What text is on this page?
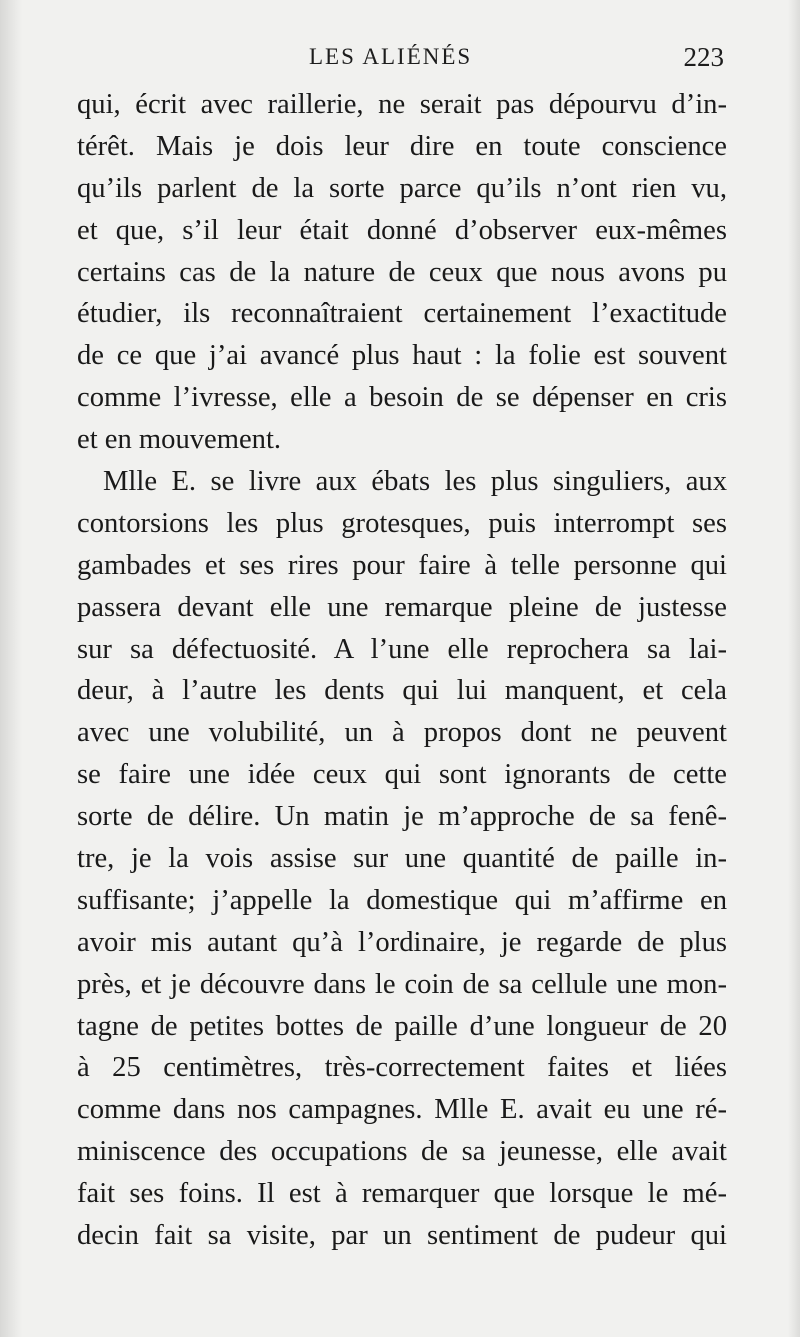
LES ALIÉNÉS	223
qui, écrit avec raillerie, ne serait pas dépourvu d’in-
térêt. Mais je dois leur dire en toute conscience
qu’ils parlent de la sorte parce qu’ils n’ont rien vu,
et que, s’il leur était donné d’observer eux-mêmes
certains cas de la nature de ceux que nous avons pu
étudier, ils reconnaîtraient certainement l’exactitude
de ce que j’ai avancé plus haut : la folie est souvent
comme l’ivresse, elle a besoin de se dépenser en cris
et en mouvement.
Mlle E. se livre aux ébats les plus singuliers, aux
contorsions les plus grotesques, puis interrompt ses
gambades et ses rires pour faire à telle personne qui
passera devant elle une remarque pleine de justesse
sur sa défectuosité. A l’une elle reprochera sa lai-
deur, à l’autre les dents qui lui manquent, et cela
avec une volubilité, un à propos dont ne peuvent
se faire une idée ceux qui sont ignorants de cette
sorte de délire. Un matin je m’approche de sa fenê-
tre, je la vois assise sur une quantité de paille in-
suffisante; j’appelle la domestique qui m’affirme en
avoir mis autant qu’à l’ordinaire, je regarde de plus
près, et je découvre dans le coin de sa cellule une mon-
tagne de petites bottes de paille d’une longueur de 20
à 25 centimètres, très-correctement faites et liées
comme dans nos campagnes. Mlle E. avait eu une ré-
miniscence des occupations de sa jeunesse, elle avait
fait ses foins. Il est à remarquer que lorsque le mé-
decin fait sa visite, par un sentiment de pudeur qui
